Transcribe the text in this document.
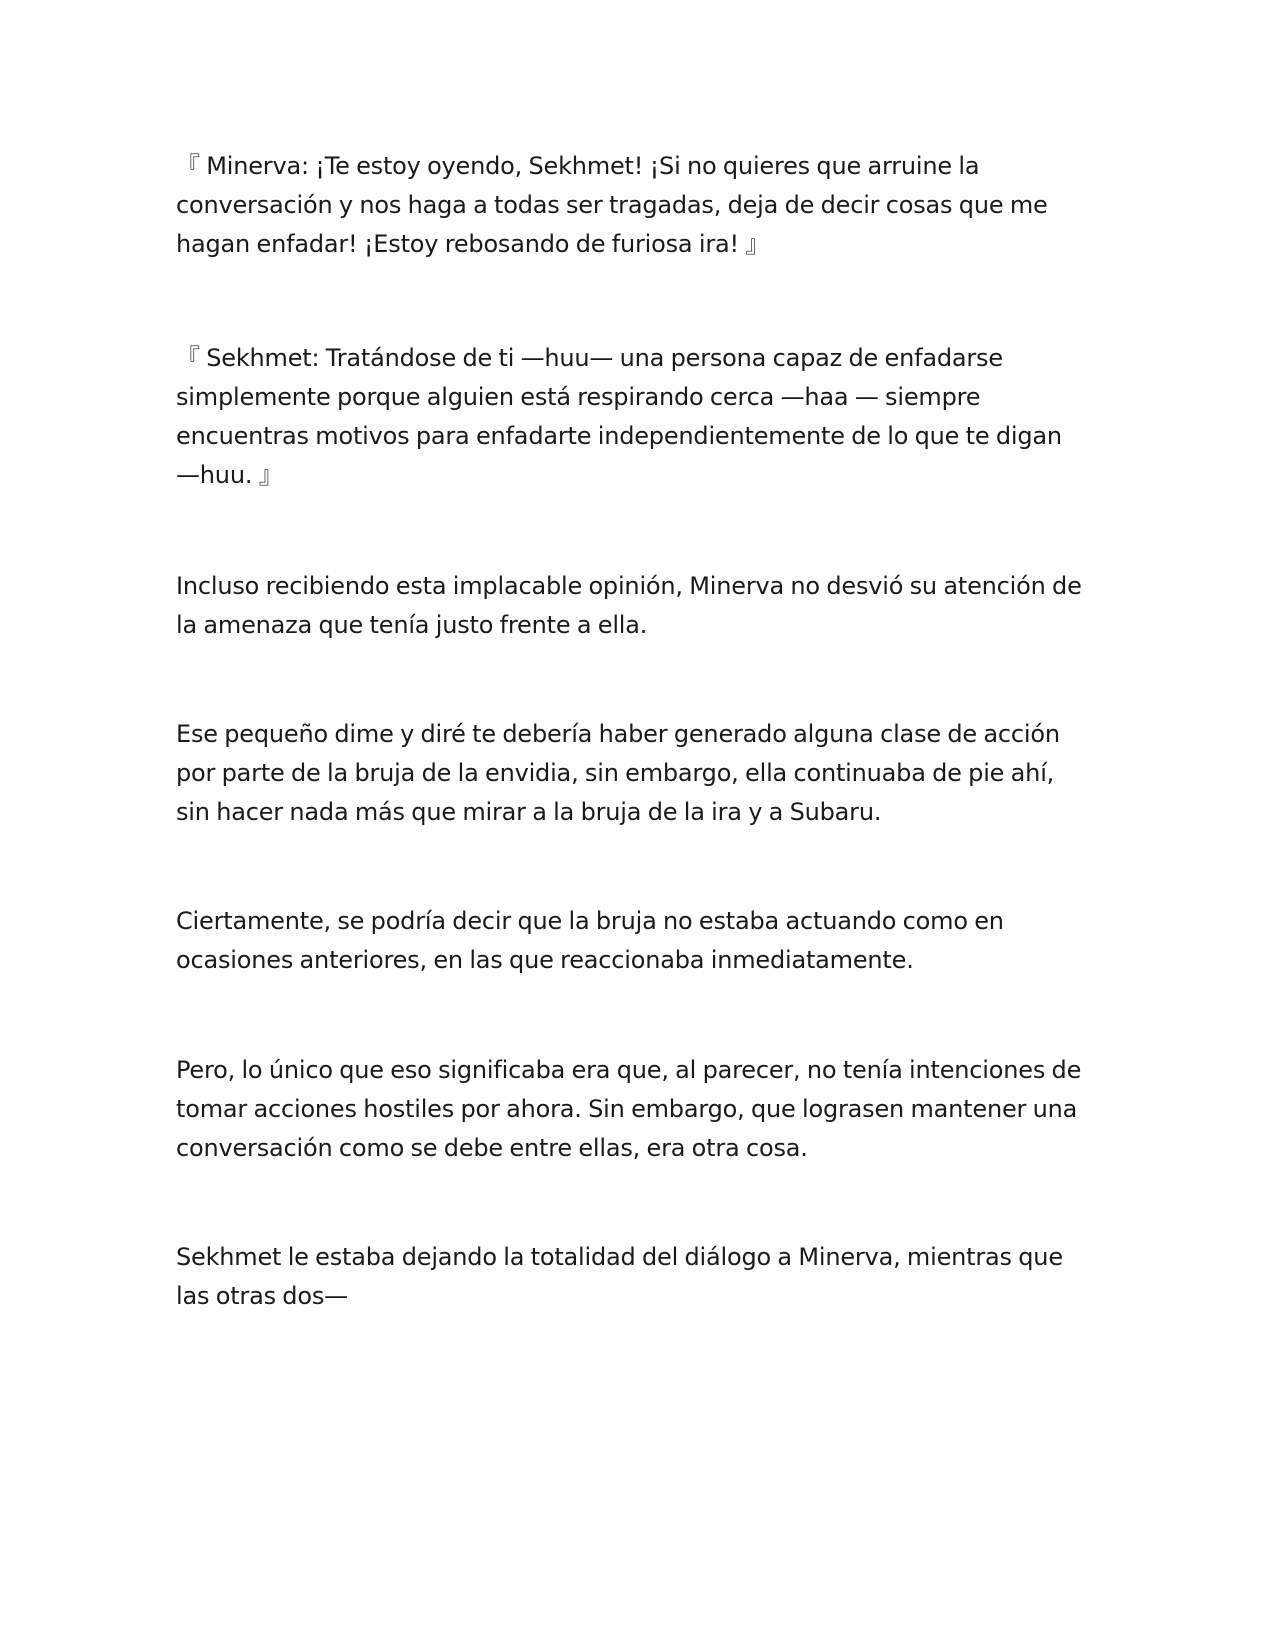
『 Minerva: ¡Te estoy oyendo, Sekhmet! ¡Si no quieres que arruine la
conversación y nos haga a todas ser tragadas, deja de decir cosas que me
hagan enfadar! ¡Estoy rebosando de furiosa ira! 』
『 Sekhmet: Tratándose de ti —huu— una persona capaz de enfadarse
simplemente porque alguien está respirando cerca —haa — siempre
encuentras motivos para enfadarte independientemente de lo que te digan
—huu. 』
Incluso recibiendo esta implacable opinión, Minerva no desvió su atención de
la amenaza que tenía justo frente a ella.
Ese pequeño dime y diré te debería haber generado alguna clase de acción
por parte de la bruja de la envidia, sin embargo, ella continuaba de pie ahí,
sin hacer nada más que mirar a la bruja de la ira y a Subaru.
Ciertamente, se podría decir que la bruja no estaba actuando como en
ocasiones anteriores, en las que reaccionaba inmediatamente.
Pero, lo único que eso significaba era que, al parecer, no tenía intenciones de
tomar acciones hostiles por ahora. Sin embargo, que lograsen mantener una
conversación como se debe entre ellas, era otra cosa.
Sekhmet le estaba dejando la totalidad del diálogo a Minerva, mientras que
las otras dos—
